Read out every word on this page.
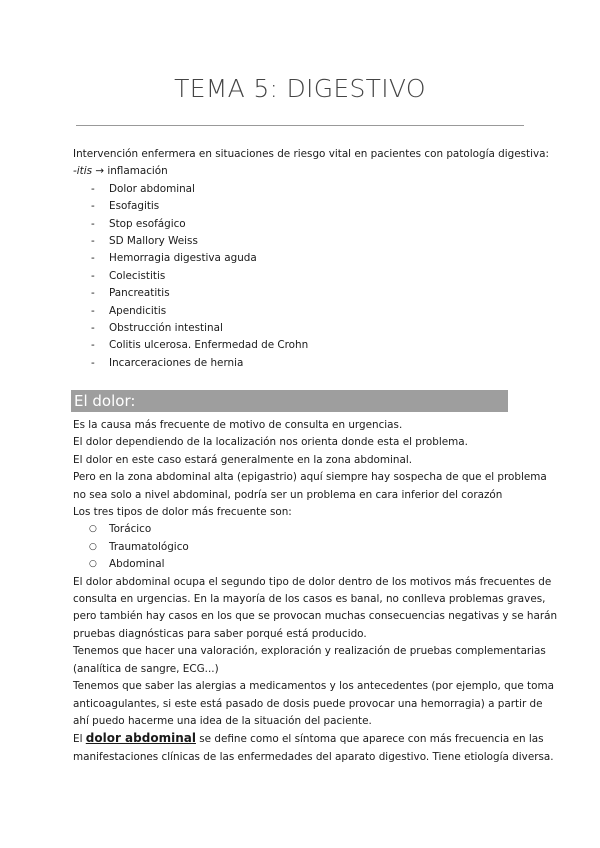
TEMA 5: DIGESTIVO
Intervención enfermera en situaciones de riesgo vital en pacientes con patología digestiva:
-itis → inflamación
- Dolor abdominal
- Esofagitis
- Stop esofágico
- SD Mallory Weiss
- Hemorragia digestiva aguda
- Colecistitis
- Pancreatitis
- Apendicitis
- Obstrucción intestinal
- Colitis ulcerosa. Enfermedad de Crohn
- Incarceraciones de hernia
El dolor:
Es la causa más frecuente de motivo de consulta en urgencias.
El dolor dependiendo de la localización nos orienta donde esta el problema.
El dolor en este caso estará generalmente en la zona abdominal.
Pero en la zona abdominal alta (epigastrio) aquí siempre hay sospecha de que el problema
no sea solo a nivel abdominal, podría ser un problema en cara inferior del corazón
Los tres tipos de dolor más frecuente son:
○ Torácico
○ Traumatológico
○ Abdominal
El dolor abdominal ocupa el segundo tipo de dolor dentro de los motivos más frecuentes de
consulta en urgencias. En la mayoría de los casos es banal, no conlleva problemas graves,
pero también hay casos en los que se provocan muchas consecuencias negativas y se harán
pruebas diagnósticas para saber porqué está producido.
Tenemos que hacer una valoración, exploración y realización de pruebas complementarias
(analítica de sangre, ECG...)
Tenemos que saber las alergias a medicamentos y los antecedentes (por ejemplo, que toma
anticoagulantes, si este está pasado de dosis puede provocar una hemorragia) a partir de
ahí puedo hacerme una idea de la situación del paciente.
El dolor abdominal se define como el síntoma que aparece con más frecuencia en las
manifestaciones clínicas de las enfermedades del aparato digestivo. Tiene etiología diversa.
